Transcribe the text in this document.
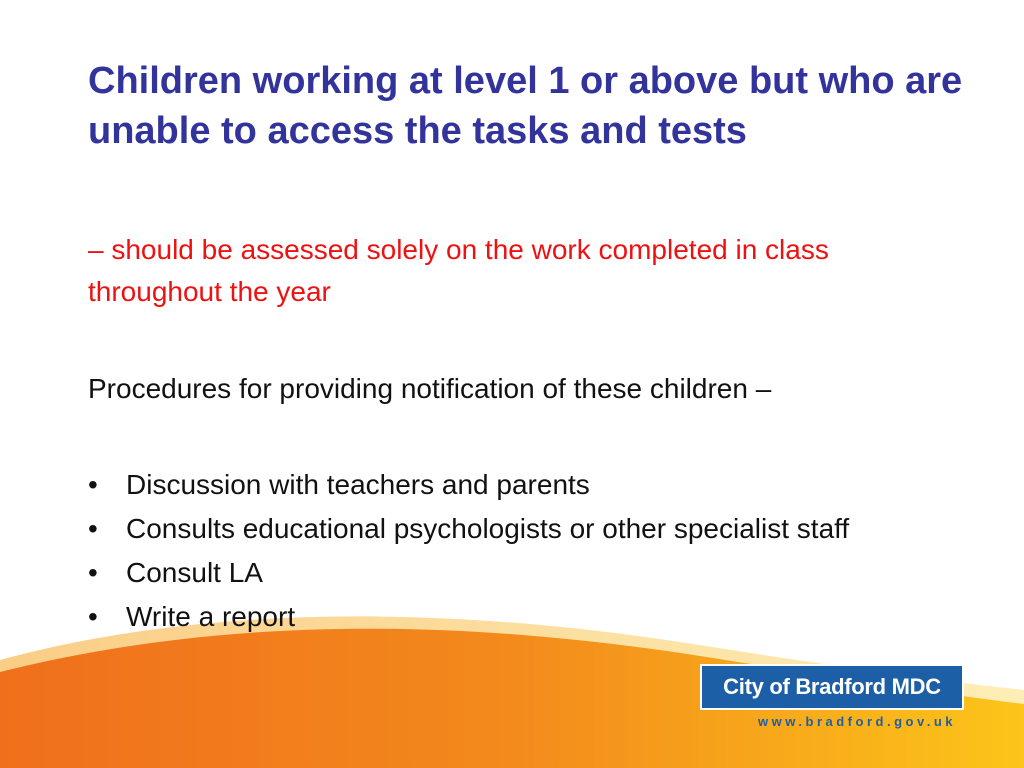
Children working at level 1 or above but who are unable to access the tasks and tests

– should be assessed solely on the work completed in class throughout the year

Procedures for providing notification of these children –

• Discussion with teachers and parents
• Consults educational psychologists or other specialist staff
• Consult LA
• Write a report
City of Bradford MDC
www.bradford.gov.uk
